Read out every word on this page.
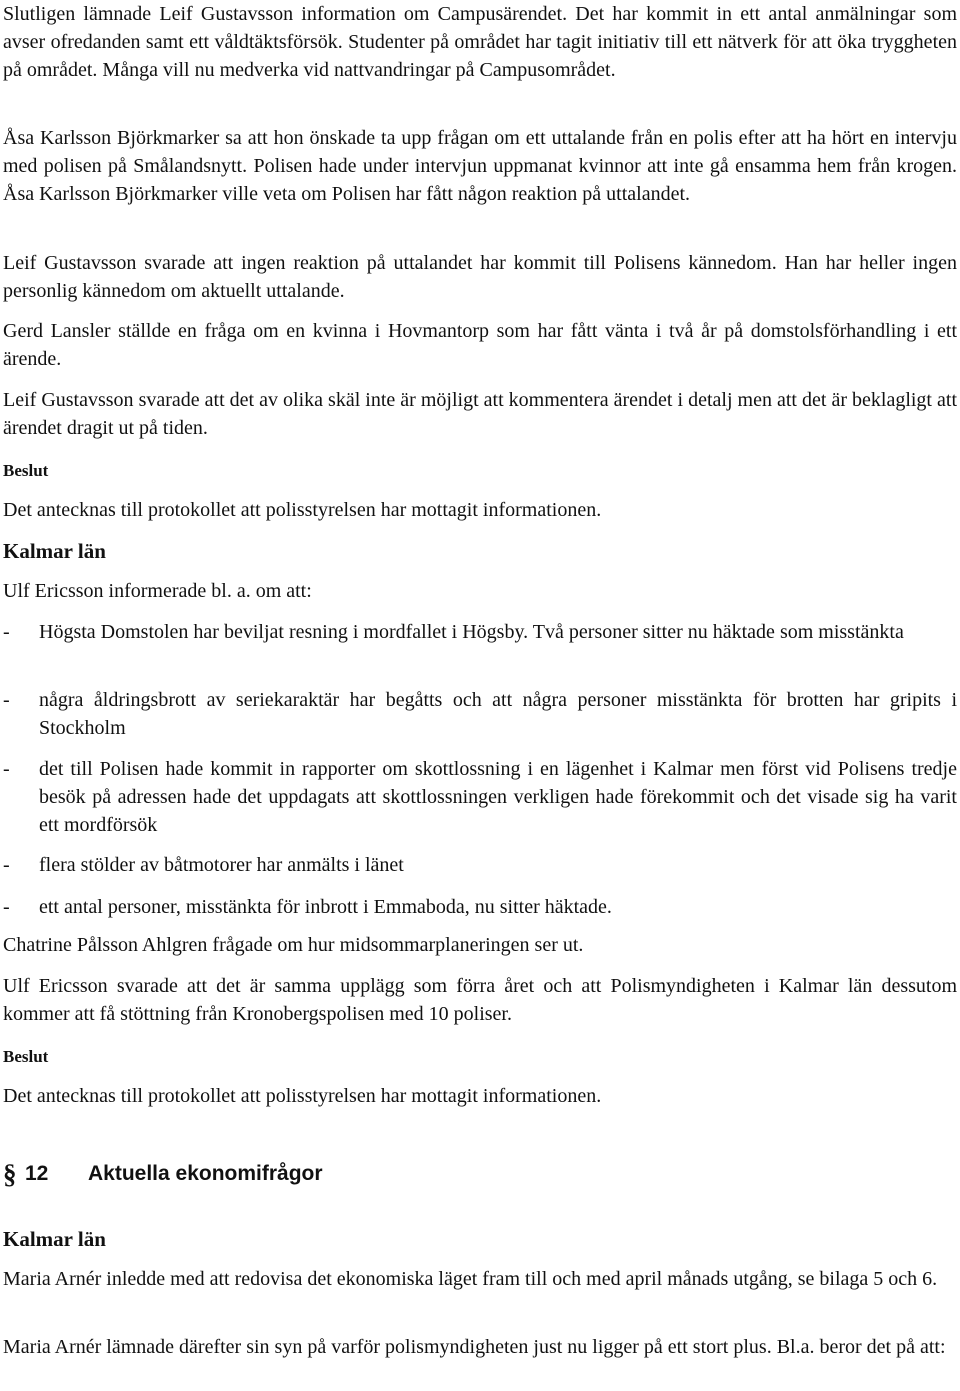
Slutligen lämnade Leif Gustavsson information om Campusärendet. Det har kommit in ett antal anmälningar som avser ofredanden samt ett våldtäktsförsök. Studenter på området har tagit initiativ till ett nätverk för att öka tryggheten på området. Många vill nu medverka vid nattvandringar på Campusområdet.

Åsa Karlsson Björkmarker sa att hon önskade ta upp frågan om ett uttalande från en polis efter att ha hört en intervju med polisen på Smålandsnytt. Polisen hade under intervjun uppmanat kvinnor att inte gå ensamma hem från krogen. Åsa Karlsson Björkmarker ville veta om Polisen har fått någon reaktion på uttalandet.

Leif Gustavsson svarade att ingen reaktion på uttalandet har kommit till Polisens kännedom. Han har heller ingen personlig kännedom om aktuellt uttalande.

Gerd Lansler ställde en fråga om en kvinna i Hovmantorp som har fått vänta i två år på domstolsförhandling i ett ärende.

Leif Gustavsson svarade att det av olika skäl inte är möjligt att kommentera ärendet i detalj men att det är beklagligt att ärendet dragit ut på tiden.

Beslut

Det antecknas till protokollet att polisstyrelsen har mottagit informationen.

Kalmar län

Ulf Ericsson informerade bl. a. om att:

-	Högsta Domstolen har beviljat resning i mordfallet i Högsby. Två personer sitter nu häktade som misstänkta
-	några åldringsbrott av seriekaraktär har begåtts och att några personer misstänkta för brotten har gripits i Stockholm
-	det till Polisen hade kommit in rapporter om skottlossning i en lägenhet i Kalmar men först vid Polisens tredje besök på adressen hade det uppdagats att skottlossningen verkligen hade förekommit och det visade sig ha varit ett mordförsök
-	flera stölder av båtmotorer har anmälts i länet
-	ett antal personer, misstänkta för inbrott i Emmaboda, nu sitter häktade.

Chatrine Pålsson Ahlgren frågade om hur midsommarplaneringen ser ut.

Ulf Ericsson svarade att det är samma upplägg som förra året och att Polismyndigheten i Kalmar län dessutom kommer att få stöttning från Kronobergspolisen med 10 poliser.

Beslut

Det antecknas till protokollet att polisstyrelsen har mottagit informationen.

§ 12	Aktuella ekonomifrågor

Kalmar län

Maria Arnér inledde med att redovisa det ekonomiska läget fram till och med april månads utgång, se bilaga 5 och 6.

Maria Arnér lämnade därefter sin syn på varför polismyndigheten just nu ligger på ett stort plus. Bl.a. beror det på att:
